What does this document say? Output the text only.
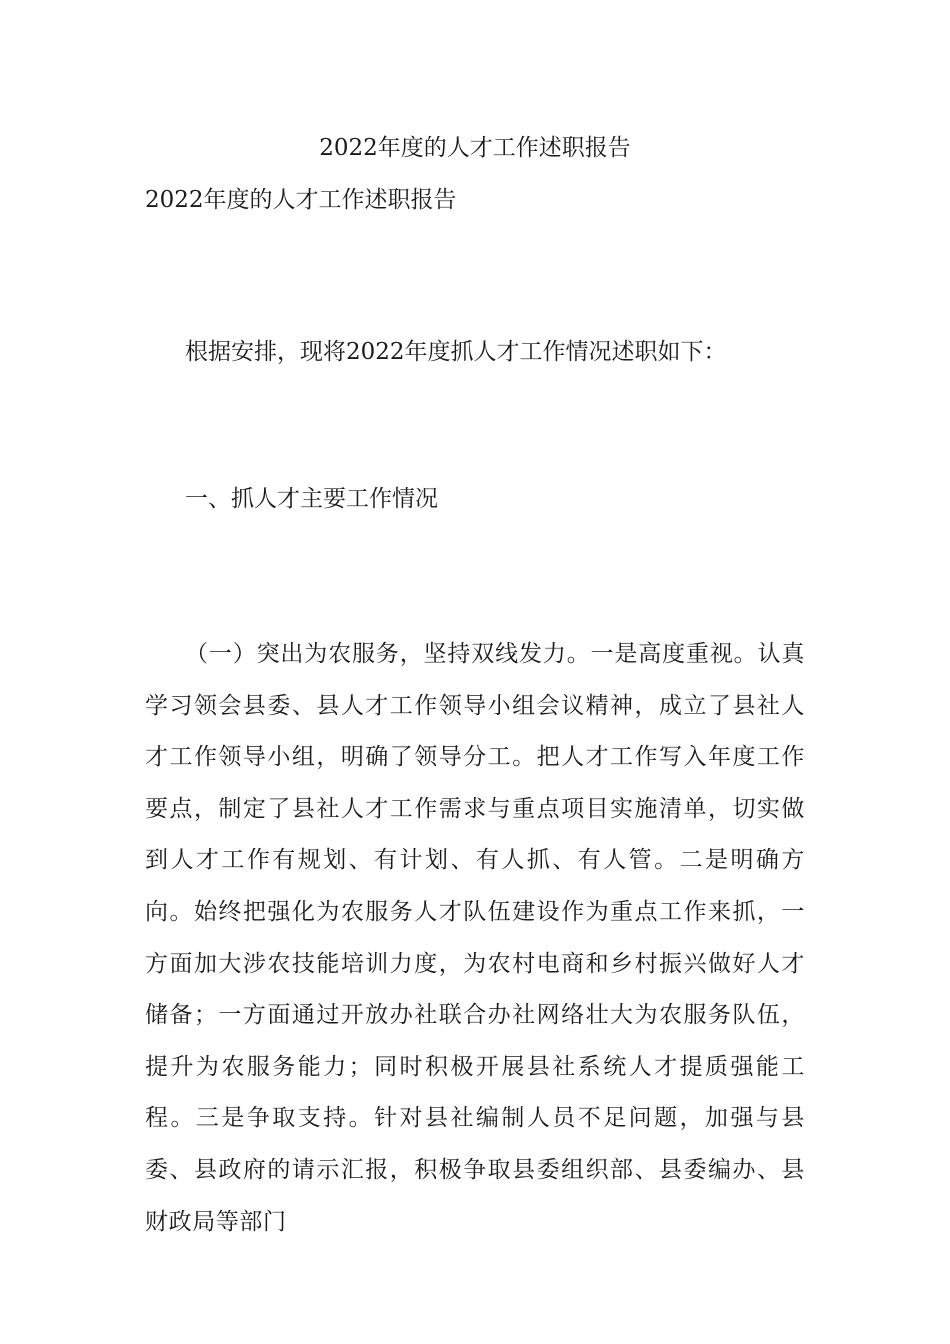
2022年度的人才工作述职报告
2022年度的人才工作述职报告

根据安排，现将2022年度抓人才工作情况述职如下：

一、抓人才主要工作情况

（一）突出为农服务，坚持双线发力。一是高度重视。认真学习领会县委、县人才工作领导小组会议精神，成立了县社人才工作领导小组，明确了领导分工。把人才工作写入年度工作要点，制定了县社人才工作需求与重点项目实施清单，切实做到人才工作有规划、有计划、有人抓、有人管。二是明确方向。始终把强化为农服务人才队伍建设作为重点工作来抓，一方面加大涉农技能培训力度，为农村电商和乡村振兴做好人才储备；一方面通过开放办社联合办社网络壮大为农服务队伍，提升为农服务能力；同时积极开展县社系统人才提质强能工程。三是争取支持。针对县社编制人员不足问题，加强与县委、县政府的请示汇报，积极争取县委组织部、县委编办、县财政局等部门
